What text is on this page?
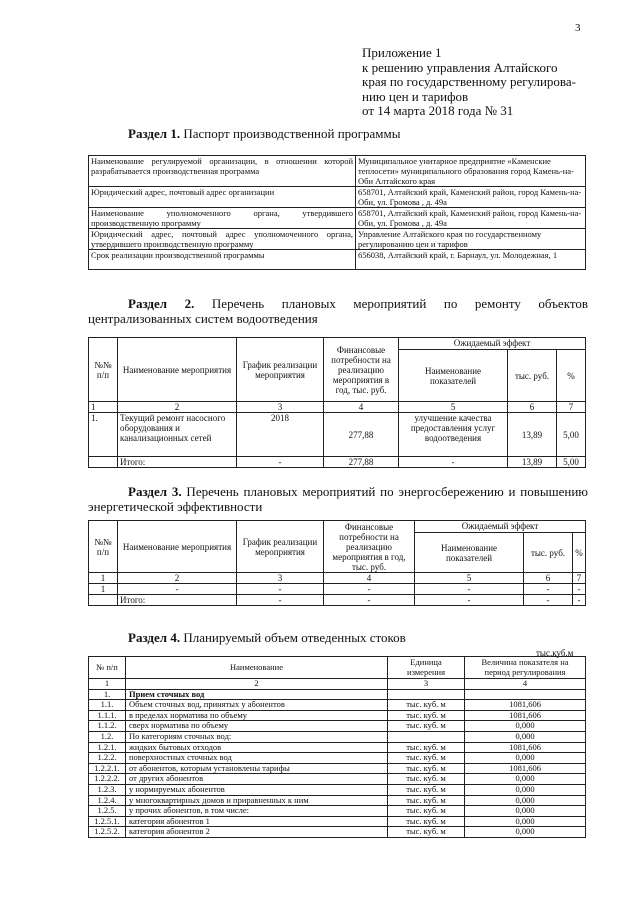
3
Приложение 1
к решению управления Алтайского
края по государственному регулирова-
нию цен и тарифов
от 14 марта 2018 года № 31
Раздел 1. Паспорт производственной программы
Наименование регулируемой организации, в отношении которой разрабатывается производственная программа	Муниципальное унитарное предприятие «Каменские теплосети» муниципального образования город Камень-на-Оби Алтайского края
Юридический адрес, почтовый адрес организации	658701, Алтайский край, Каменский район, город Камень-на-Оби, ул. Громова , д. 49а
Наименование уполномоченного органа, утвердившего производственную программу	658701, Алтайский край, Каменский район, город Камень-на-Оби, ул. Громова , д. 49а
Юридический адрес, почтовый адрес уполномоченного органа, утвердившего производственную программу	Управление Алтайского края по государственному регулированию цен и тарифов
Срок реализации производственной программы	656038, Алтайский край, г. Барнаул, ул. Молодежная, 1
Раздел 2. Перечень плановых мероприятий по ремонту объектов централизованных систем водоотведения
№№ п/п	Наименование мероприятия	График реализации мероприятия	Финансовые потребности на реализацию мероприятия в год, тыс. руб.	Ожидаемый эффект		
				Наименование показателей	тыс. руб.	%
1	2	3	4	5	6	7
1.	Текущий ремонт насосного оборудования и канализационных сетей	2018	277,88	улучшение качества предоставления услуг водоотведения	13,89	5,00
	Итого:	-	277,88	-	13,89	5,00
Раздел 3. Перечень плановых мероприятий по энергосбережению и повышению энергетической эффективности
№№ п/п	Наименование мероприятия	График реализации мероприятия	Финансовые потребности на реализацию мероприятия в год, тыс. руб.	Ожидаемый эффект		
				Наименование показателей	тыс. руб.	%
1	2	3	4	5	6	7
1	-	-	-	-	-	-
	Итого:	-	-	-	-	-
Раздел 4. Планируемый объем отведенных стоков
тыс.куб.м
№ п/п	Наименование	Единица измерения	Величина показателя на период регулирования
1	2	3	4
1.	Прием сточных вод		
1.1.	Объем сточных вод, принятых у абонентов	тыс. куб. м	1081,606
1.1.1.	в пределах норматива по объему	тыс. куб. м	1081,606
1.1.2.	сверх норматива по объему	тыс. куб. м	0,000
1.2.	По категориям сточных вод:		0,000
1.2.1.	жидких бытовых отходов	тыс. куб. м	1081,606
1.2.2.	поверхностных сточных вод	тыс. куб. м	0,000
1.2.2.1.	от абонентов, которым установлены тарифы	тыс. куб. м	1081,606
1.2.2.2.	от других абонентов	тыс. куб. м	0,000
1.2.3.	у нормируемых абонентов	тыс. куб. м	0,000
1.2.4.	у многоквартирных домов и приравненных к ним	тыс. куб. м	0,000
1.2.5.	у прочих абонентов, в том числе:	тыс. куб. м	0,000
1.2.5.1.	категория абонентов 1	тыс. куб. м	0,000
1.2.5.2.	категория абонентов 2	тыс. куб. м	0,000
